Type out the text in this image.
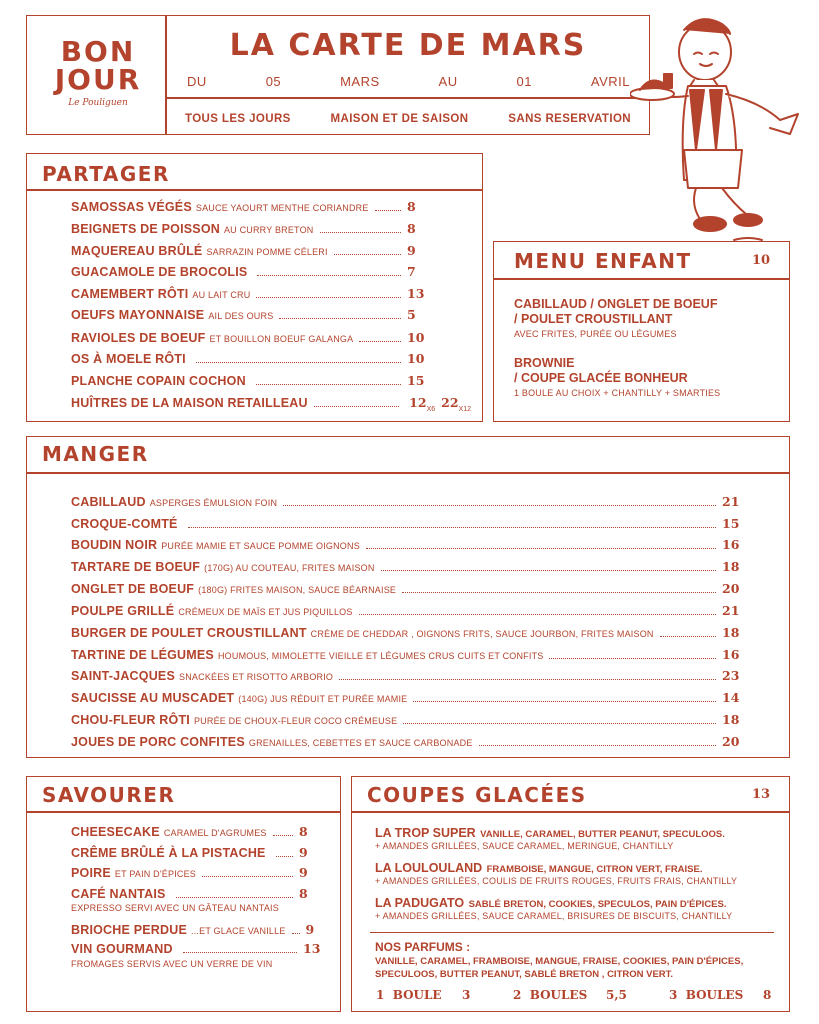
BON
JOUR
Le Pouliguen
LA CARTE DE MARS
DU	05	MARS	AU	01	AVRIL
TOUS LES JOURS	MAISON ET DE SAISON	SANS RESERVATION
PARTAGER
SAMOSSAS VÉGÉS SAUCE YAOURT MENTHE CORIANDRE	8
BEIGNETS DE POISSON AU CURRY BRETON	8
MAQUEREAU BRÛLÉ SARRAZIN POMME CÉLERI	9
GUACAMOLE DE BROCOLIS	7
CAMEMBERT RÔTI AU LAIT CRU	13
OEUFS MAYONNAISE AIL DES OURS	5
RAVIOLES DE BOEUF ET BOUILLON BOEUF GALANGA	10
OS À MOELE RÔTI	10
PLANCHE COPAIN COCHON	15
HUÎTRES DE LA MAISON RETAILLEAU	12 X6 22 X12
MENU ENFANT	10
CABILLAUD / ONGLET DE BOEUF
/ POULET CROUSTILLANT
AVEC FRITES, PURÉE OU LÉGUMES
BROWNIE
/ COUPE GLACÉE BONHEUR
1 BOULE AU CHOIX + CHANTILLY + SMARTIES
MANGER
CABILLAUD ASPERGES ÉMULSION FOIN	21
CROQUE-COMTÉ	15
BOUDIN NOIR PURÉE MAMIE ET SAUCE POMME OIGNONS	16
TARTARE DE BOEUF (170G) AU COUTEAU, FRITES MAISON	18
ONGLET DE BOEUF (180G) FRITES MAISON, SAUCE BÉARNAISE	20
POULPE GRILLÉ CRÉMEUX DE MAÏS ET JUS PIQUILLOS	21
BURGER DE POULET CROUSTILLANT CRÈME DE CHEDDAR , OIGNONS FRITS, SAUCE JOURBON, FRITES MAISON	18
TARTINE DE LÉGUMES HOUMOUS, MIMOLETTE VIEILLE ET LÉGUMES CRUS CUITS ET CONFITS	16
SAINT-JACQUES SNACKÉES ET RISOTTO ARBORIO	23
SAUCISSE AU MUSCADET (140G) JUS RÉDUIT ET PURÉE MAMIE	14
CHOU-FLEUR RÔTI PURÉE DE CHOUX-FLEUR COCO CRÉMEUSE	18
JOUES DE PORC CONFITES GRENAILLES, CEBETTES ET SAUCE CARBONADE	20
SAVOURER
CHEESECAKE CARAMEL D'AGRUMES	8
CRÊME BRÛLÉ À LA PISTACHE	9
POIRE ET PAIN D'ÉPICES	9
CAFÉ NANTAIS	8
EXPRESSO SERVI AVEC UN GÂTEAU NANTAIS
BRIOCHE PERDUE ...ET GLACE VANILLE 9
VIN GOURMAND	13
FROMAGES SERVIS AVEC UN VERRE DE VIN
COUPES GLACÉES	13
LA TROP SUPER VANILLE, CARAMEL, BUTTER PEANUT, SPECULOOS.
+ AMANDES GRILLÉES, SAUCE CARAMEL, MERINGUE, CHANTILLY
LA LOULOULAND FRAMBOISE, MANGUE, CITRON VERT, FRAISE.
+ AMANDES GRILLÉES, COULIS DE FRUITS ROUGES, FRUITS FRAIS, CHANTILLY
LA PADUGATO SABLÉ BRETON, COOKIES, SPECULOS, PAIN D'ÉPICES.
+ AMANDES GRILLÉES, SAUCE CARAMEL, BRISURES DE BISCUITS, CHANTILLY
NOS PARFUMS :
VANILLE, CARAMEL, FRAMBOISE, MANGUE, FRAISE, COOKIES, PAIN D'ÉPICES,
SPECULOOS, BUTTER PEANUT, SABLÉ BRETON , CITRON VERT.
1  BOULE 3	2  BOULES 5,5	3  BOULES 8
